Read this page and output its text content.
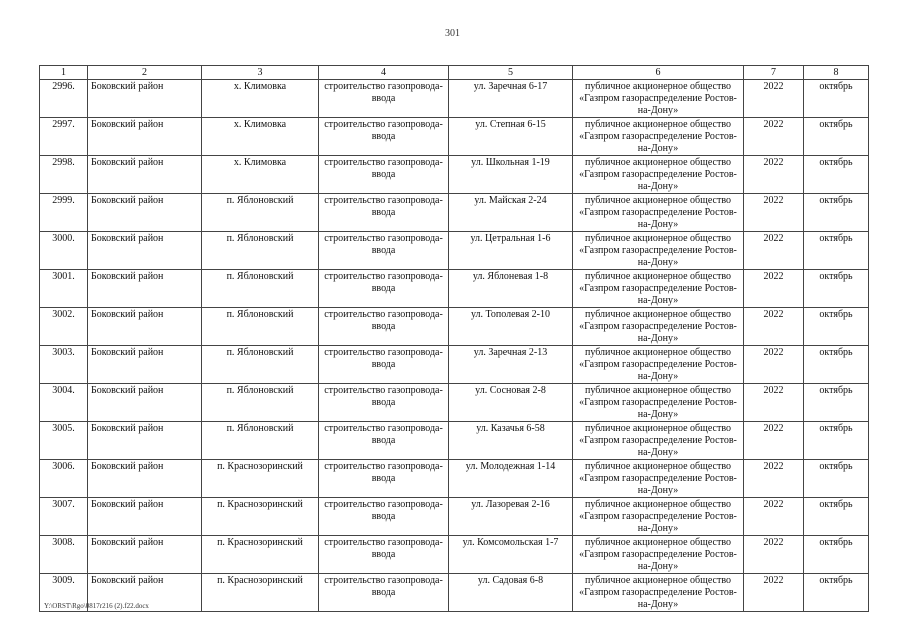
301
1	2	3	4	5	6	7	8
2996.	Боковский район	х. Климовка	строительство газопровода-ввода	ул. Заречная 6-17	публичное акционерное общество «Газпром газораспределение Ростов-на-Дону»	2022	октябрь
2997.	Боковский район	х. Климовка	строительство газопровода-ввода	ул. Степная 6-15	публичное акционерное общество «Газпром газораспределение Ростов-на-Дону»	2022	октябрь
2998.	Боковский район	х. Климовка	строительство газопровода-ввода	ул. Школьная 1-19	публичное акционерное общество «Газпром газораспределение Ростов-на-Дону»	2022	октябрь
2999.	Боковский район	п. Яблоновский	строительство газопровода-ввода	ул. Майская 2-24	публичное акционерное общество «Газпром газораспределение Ростов-на-Дону»	2022	октябрь
3000.	Боковский район	п. Яблоновский	строительство газопровода-ввода	ул. Цетральная 1-6	публичное акционерное общество «Газпром газораспределение Ростов-на-Дону»	2022	октябрь
3001.	Боковский район	п. Яблоновский	строительство газопровода-ввода	ул. Яблоневая 1-8	публичное акционерное общество «Газпром газораспределение Ростов-на-Дону»	2022	октябрь
3002.	Боковский район	п. Яблоновский	строительство газопровода-ввода	ул. Тополевая 2-10	публичное акционерное общество «Газпром газораспределение Ростов-на-Дону»	2022	октябрь
3003.	Боковский район	п. Яблоновский	строительство газопровода-ввода	ул. Заречная 2-13	публичное акционерное общество «Газпром газораспределение Ростов-на-Дону»	2022	октябрь
3004.	Боковский район	п. Яблоновский	строительство газопровода-ввода	ул. Сосновая 2-8	публичное акционерное общество «Газпром газораспределение Ростов-на-Дону»	2022	октябрь
3005.	Боковский район	п. Яблоновский	строительство газопровода-ввода	ул. Казачья 6-58	публичное акционерное общество «Газпром газораспределение Ростов-на-Дону»	2022	октябрь
3006.	Боковский район	п. Краснозоринский	строительство газопровода-ввода	ул. Молодежная 1-14	публичное акционерное общество «Газпром газораспределение Ростов-на-Дону»	2022	октябрь
3007.	Боковский район	п. Краснозоринский	строительство газопровода-ввода	ул. Лазоревая 2-16	публичное акционерное общество «Газпром газораспределение Ростов-на-Дону»	2022	октябрь
3008.	Боковский район	п. Краснозоринский	строительство газопровода-ввода	ул. Комсомольская 1-7	публичное акционерное общество «Газпром газораспределение Ростов-на-Дону»	2022	октябрь
3009.	Боковский район	п. Краснозоринский	строительство газопровода-ввода	ул. Садовая 6-8	публичное акционерное общество «Газпром газораспределение Ростов-на-Дону»	2022	октябрь
Y:\ORST\Rgo\0817r216 (2).f22.docx
